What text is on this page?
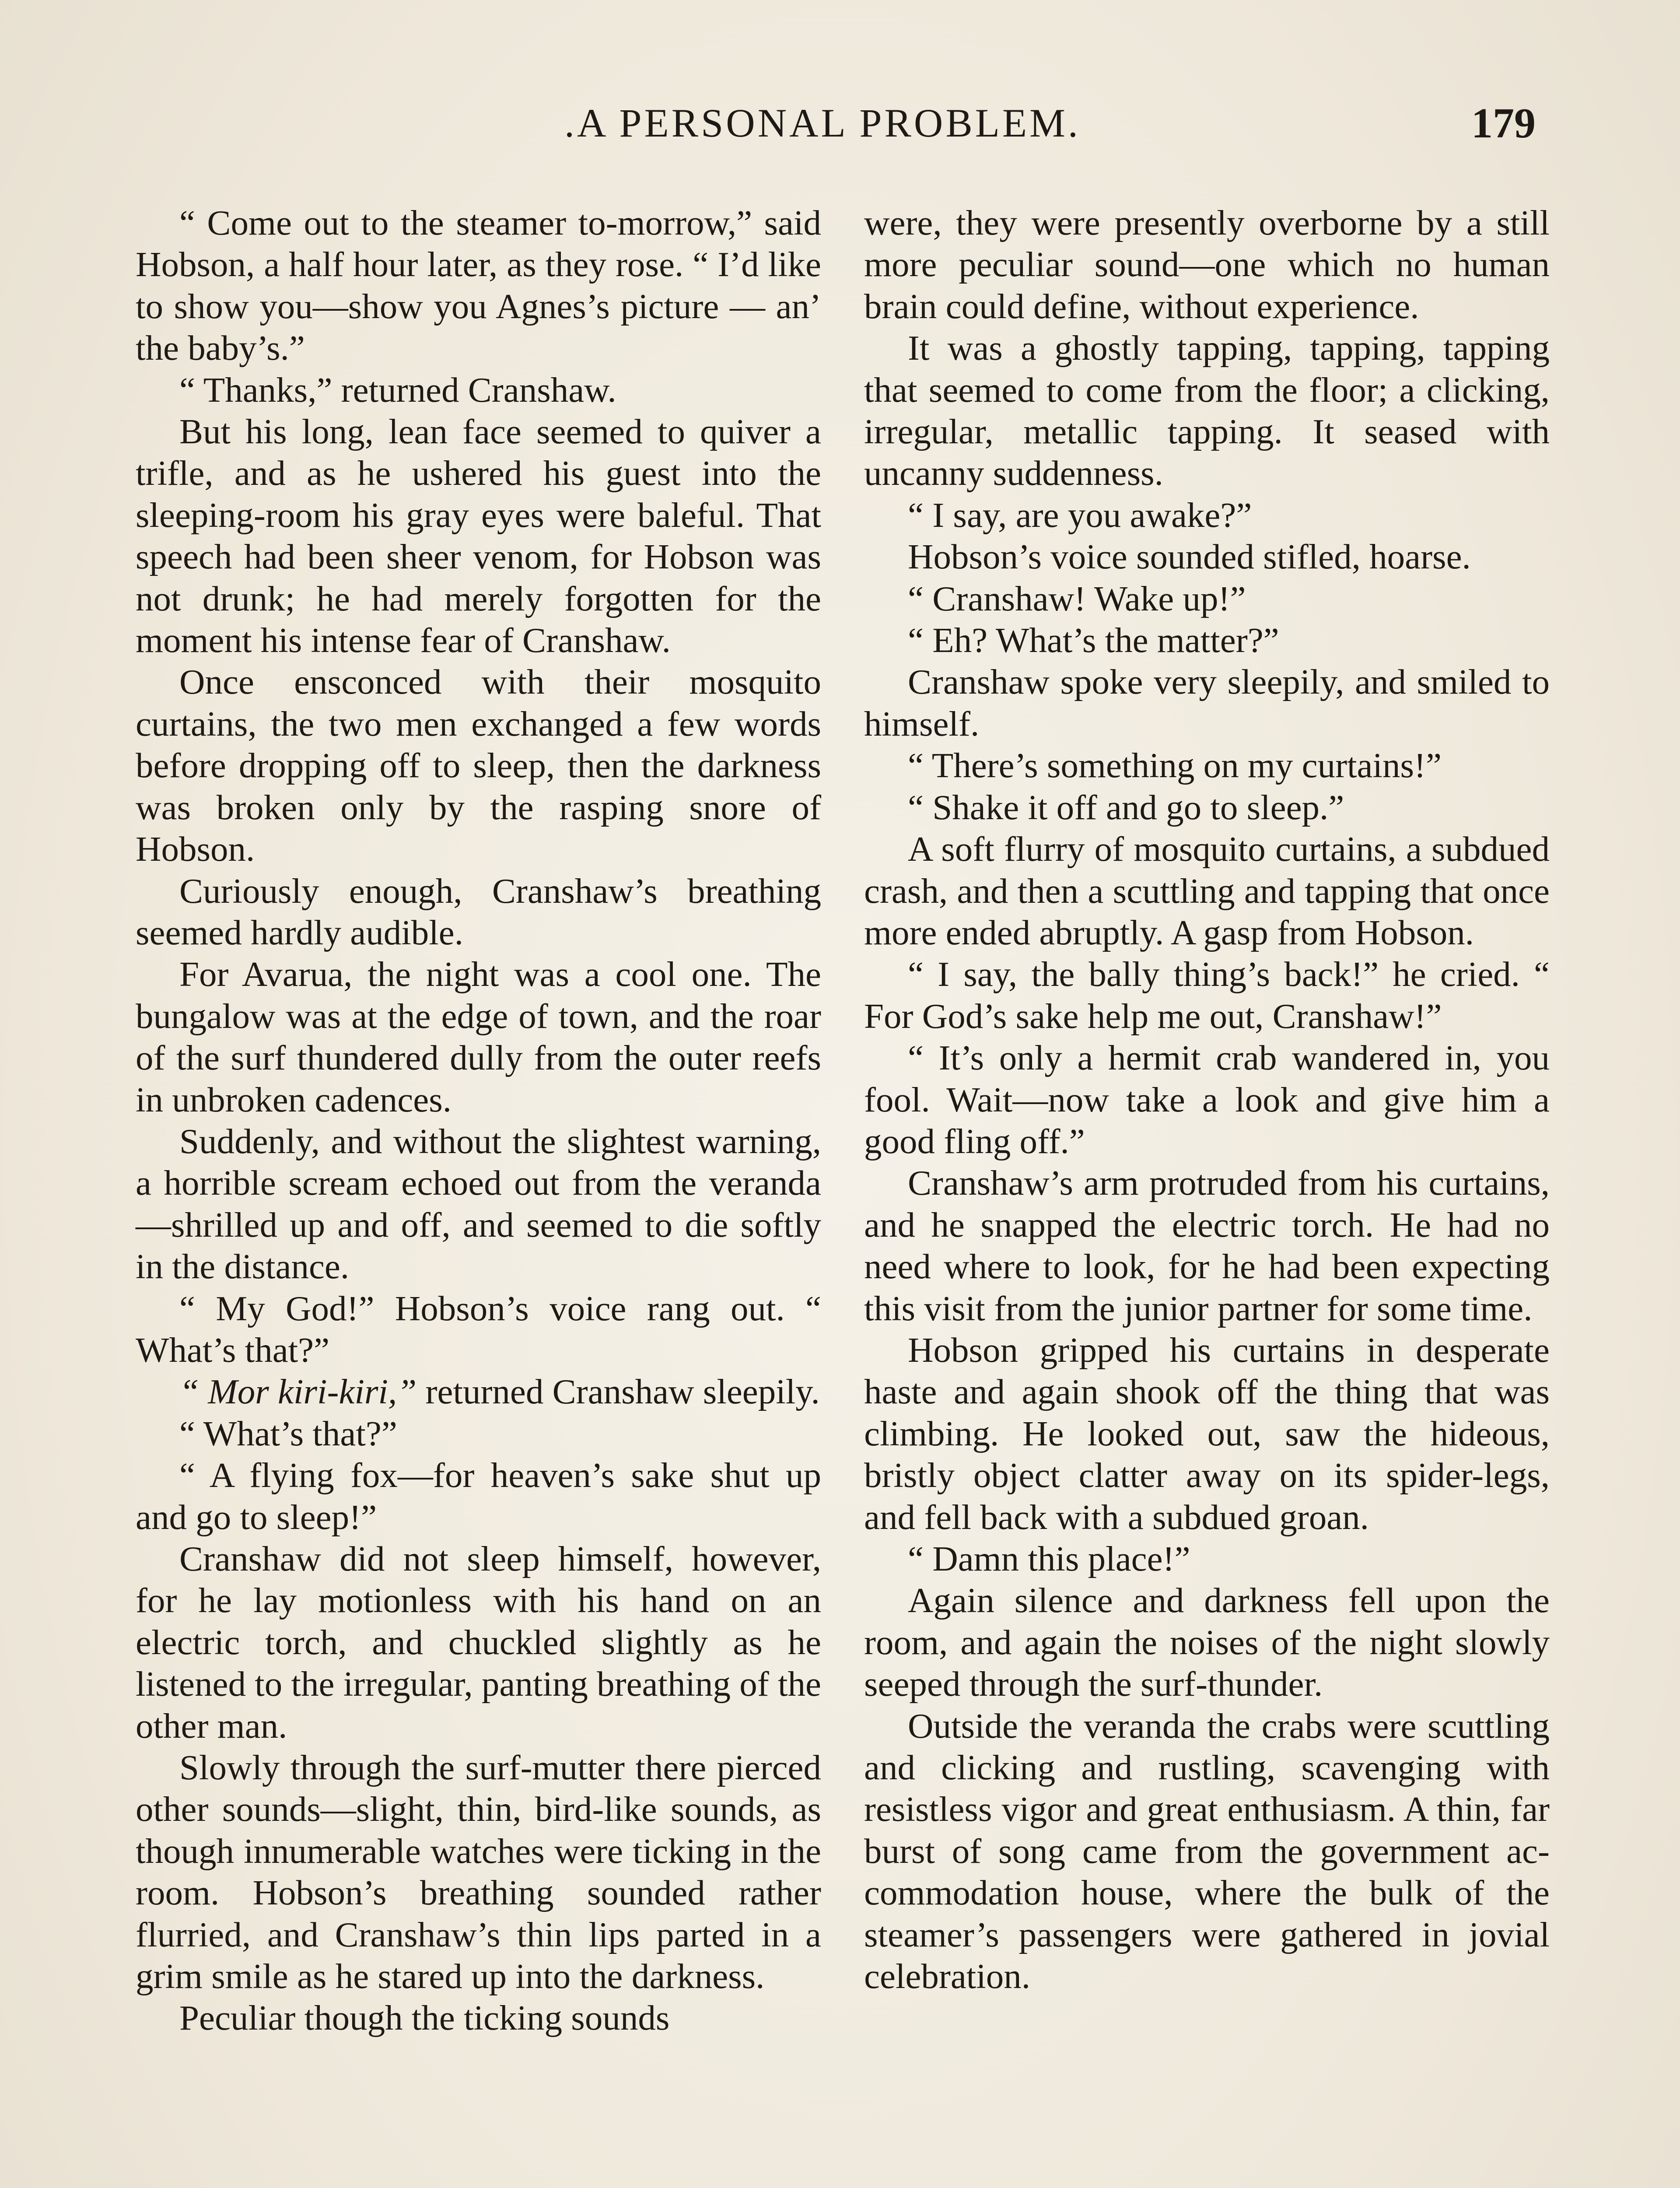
.A PERSONAL PROBLEM.	179

“ Come out to the steamer to-morrow,” said Hobson, a half hour later, as they rose. “ I’d like to show you—show you Agnes’s picture — an’ the baby’s.”

“ Thanks,” returned Cranshaw.

But his long, lean face seemed to quiver a trifle, and as he ushered his guest into the sleeping-room his gray eyes were baleful. That speech had been sheer venom, for Hobson was not drunk; he had merely forgotten for the moment his intense fear of Cranshaw.

Once ensconced with their mosquito curtains, the two men exchanged a few words before dropping off to sleep, then the darkness was broken only by the rasping snore of Hobson.

Curiously enough, Cranshaw’s breathing seemed hardly audible.

For Avarua, the night was a cool one. The bungalow was at the edge of town, and the roar of the surf thundered dully from the outer reefs in unbroken cadences.

Suddenly, and without the slightest warning, a horrible scream echoed out from the veranda—shrilled up and off, and seemed to die softly in the distance.

“ My God!” Hobson’s voice rang out. “ What’s that?”

“ Mor kiri-kiri,” returned Cranshaw sleepily.

“ What’s that?”

“ A flying fox—for heaven’s sake shut up and go to sleep!”

Cranshaw did not sleep himself, however, for he lay motionless with his hand on an electric torch, and chuckled slightly as he listened to the irregular, panting breathing of the other man.

Slowly through the surf-mutter there pierced other sounds—slight, thin, bird-like sounds, as though innumerable watches were ticking in the room. Hobson’s breathing sounded rather flurried, and Cranshaw’s thin lips parted in a grim smile as he stared up into the darkness.

Peculiar though the ticking sounds

were, they were presently overborne by a still more peculiar sound—one which no human brain could define, without experience.

It was a ghostly tapping, tapping, tapping that seemed to come from the floor; a clicking, irregular, metallic tapping. It seased with uncanny suddenness.

“ I say, are you awake?”

Hobson’s voice sounded stifled, hoarse.

“ Cranshaw! Wake up!”

“ Eh? What’s the matter?”

Cranshaw spoke very sleepily, and smiled to himself.

“ There’s something on my curtains!”

“ Shake it off and go to sleep.”

A soft flurry of mosquito curtains, a subdued crash, and then a scuttling and tapping that once more ended abruptly. A gasp from Hobson.

“ I say, the bally thing’s back!” he cried. “ For God’s sake help me out, Cranshaw!”

“ It’s only a hermit crab wandered in, you fool. Wait—now take a look and give him a good fling off.”

Cranshaw’s arm protruded from his curtains, and he snapped the electric torch. He had no need where to look, for he had been expecting this visit from the junior partner for some time.

Hobson gripped his curtains in desperate haste and again shook off the thing that was climbing. He looked out, saw the hideous, bristly object clatter away on its spider-legs, and fell back with a subdued groan.

“ Damn this place!”

Again silence and darkness fell upon the room, and again the noises of the night slowly seeped through the surf-thunder.

Outside the veranda the crabs were scuttling and clicking and rustling, scavenging with resistless vigor and great enthusiasm. A thin, far burst of song came from the government accommodation house, where the bulk of the steamer’s passengers were gathered in jovial celebration.
